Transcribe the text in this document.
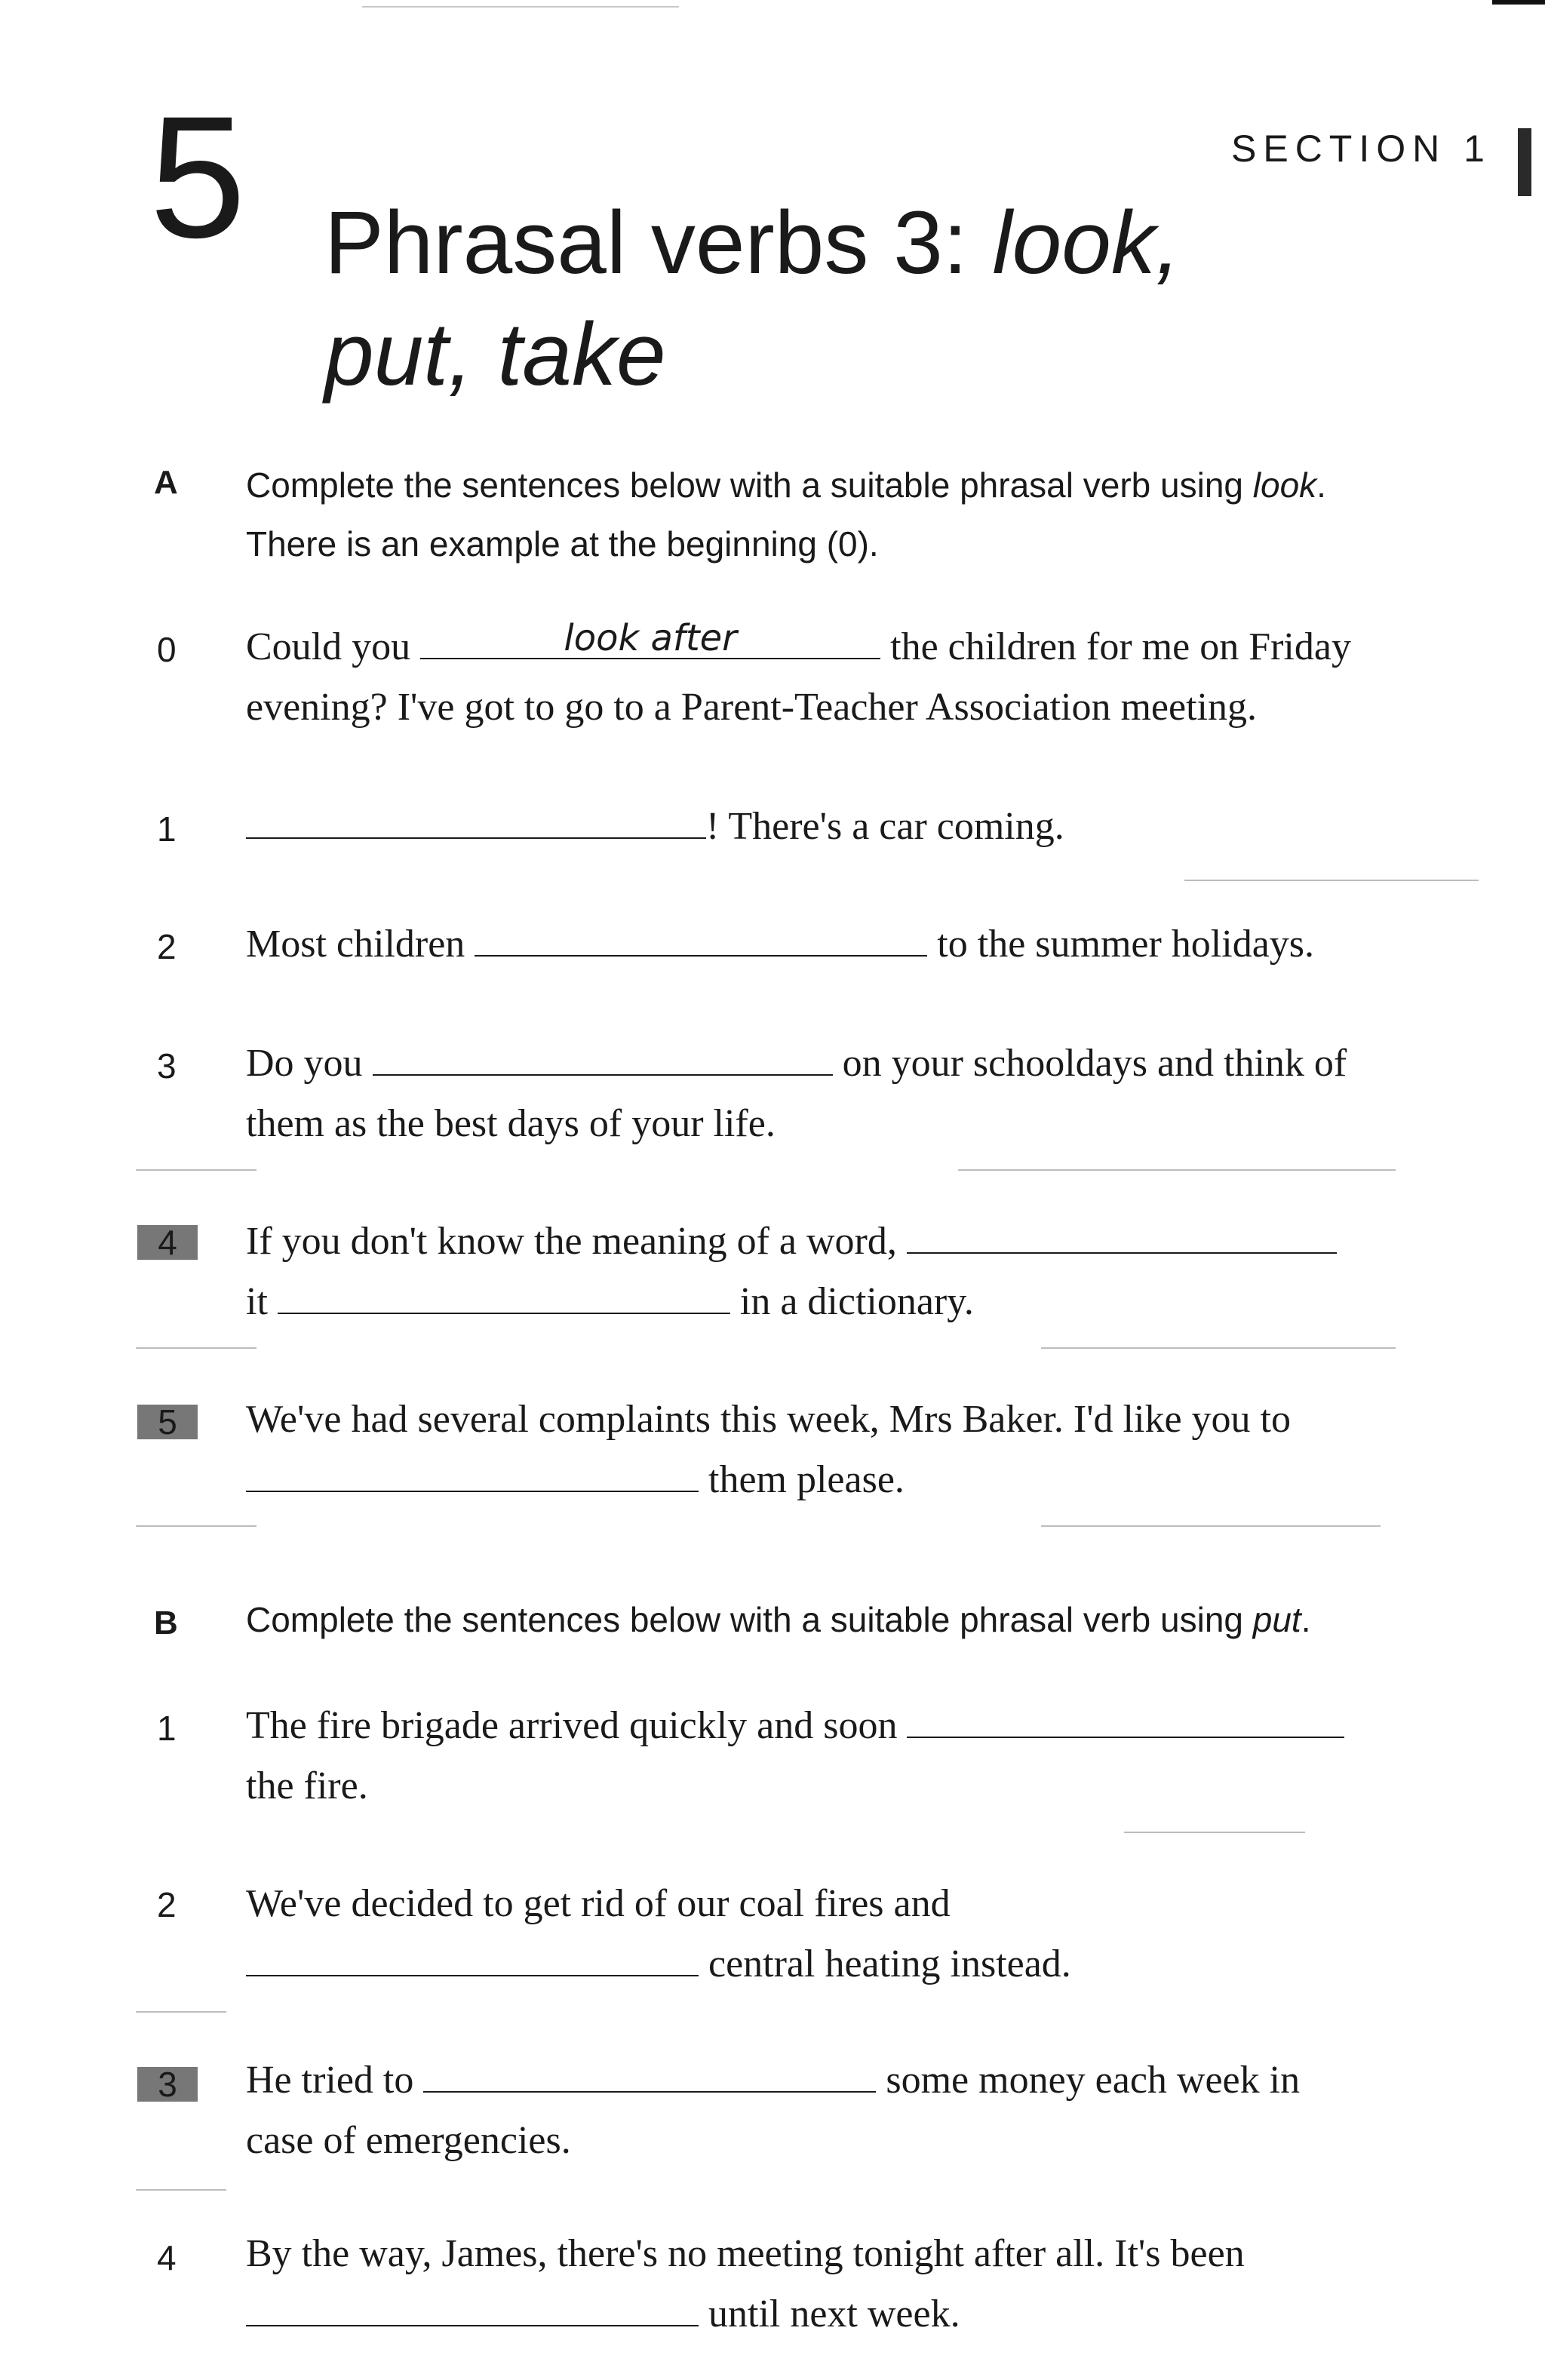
5	SECTION 1
Phrasal verbs 3: look,
put, take
A Complete the sentences below with a suitable phrasal verb using look.
There is an example at the beginning (0).
0 Could you	look after	the children for me on Friday
evening? I've got to go to a Parent-Teacher Association meeting.
1	! There's a car coming.
2 Most children	to the summer holidays.
3 Do you	on your schooldays and think of
them as the best days of your life.
4	If you don't know the meaning of a word,
it	in a dictionary.
5	We've had several complaints this week, Mrs Baker. I'd like you to
them please.
B Complete the sentences below with a suitable phrasal verb using put.
1 The fire brigade arrived quickly and soon
the fire.
2 We've decided to get rid of our coal fires and
central heating instead.
3	He tried to	some money each week in
case of emergencies.
4 By the way, James, there's no meeting tonight after all. It's been
until next week.
